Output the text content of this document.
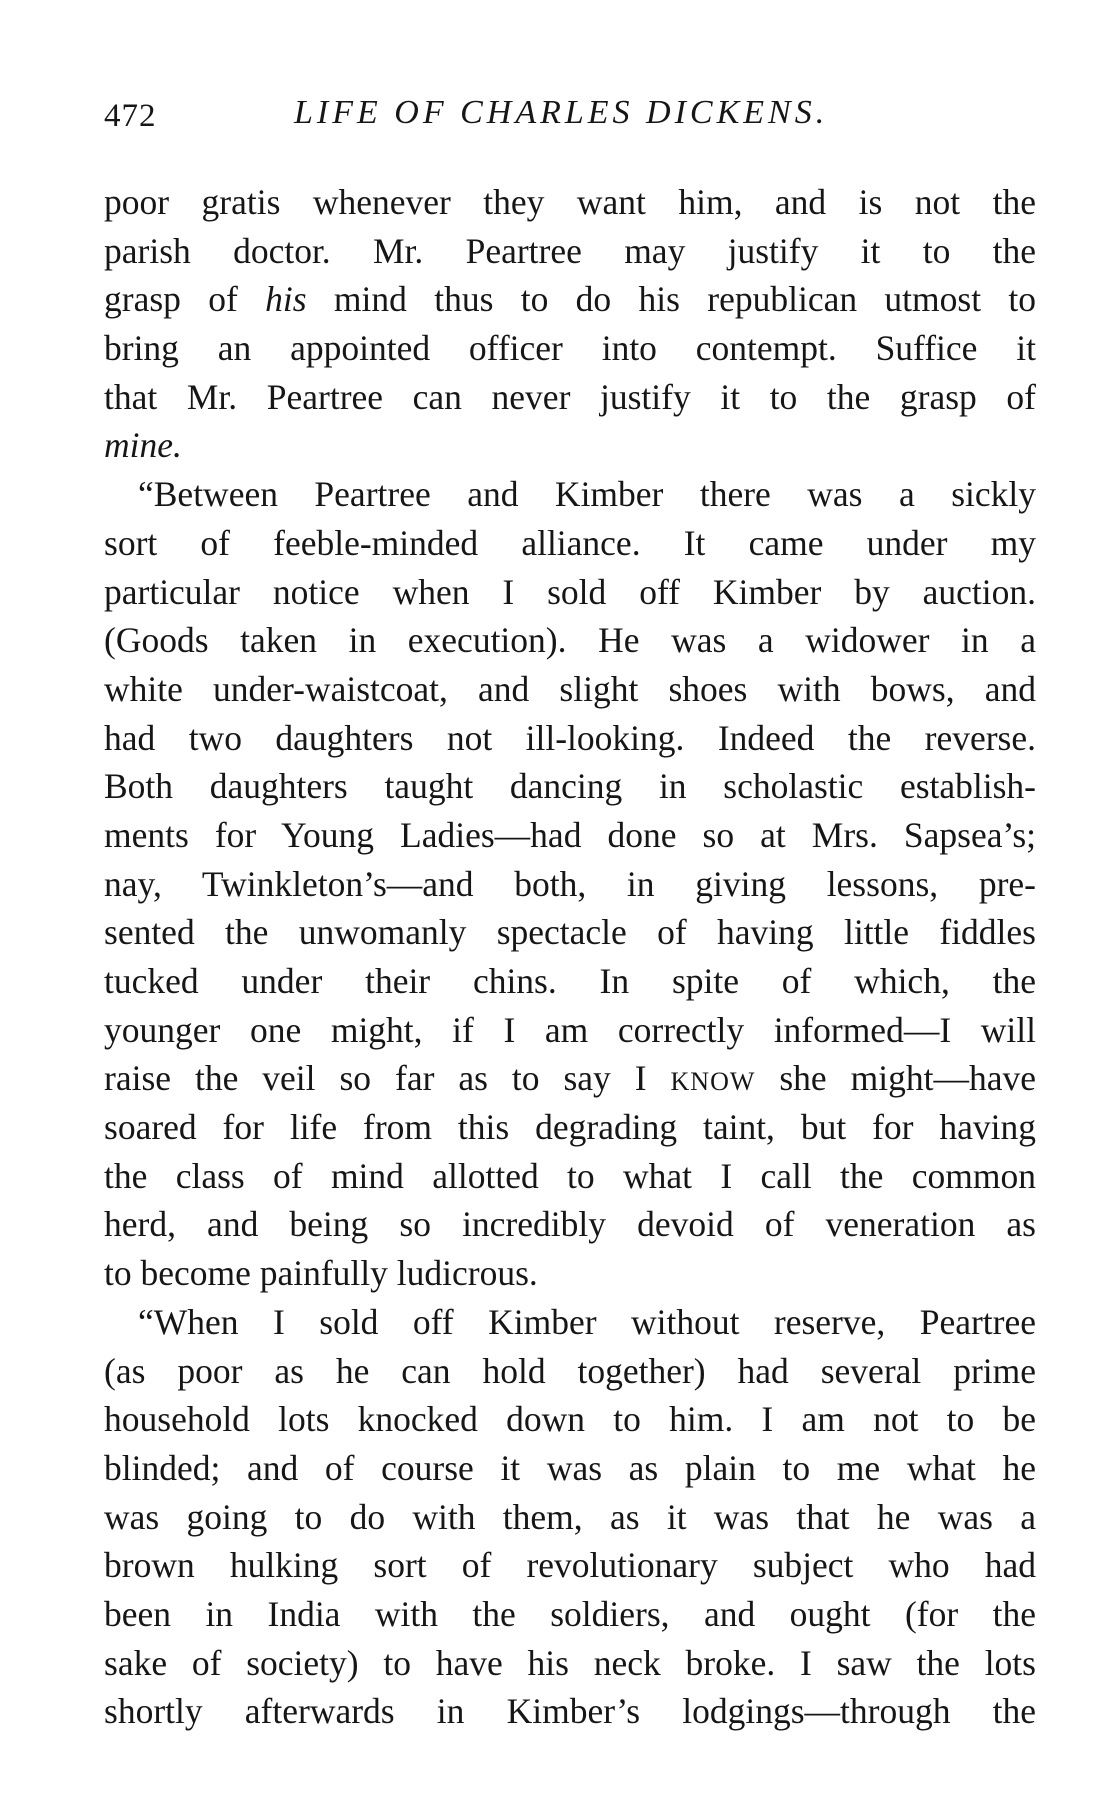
472	LIFE OF CHARLES DICKENS.
poor gratis whenever they want him, and is not the
parish doctor. Mr. Peartree may justify it to the
grasp of his mind thus to do his republican utmost to
bring an appointed officer into contempt. Suffice it
that Mr. Peartree can never justify it to the grasp of
mine.
“Between Peartree and Kimber there was a sickly
sort of feeble-minded alliance. It came under my
particular notice when I sold off Kimber by auction.
(Goods taken in execution). He was a widower in a
white under-waistcoat, and slight shoes with bows, and
had two daughters not ill-looking. Indeed the reverse.
Both daughters taught dancing in scholastic establish-
ments for Young Ladies—had done so at Mrs. Sapsea’s;
nay, Twinkleton’s—and both, in giving lessons, pre-
sented the unwomanly spectacle of having little fiddles
tucked under their chins. In spite of which, the
younger one might, if I am correctly informed—I will
raise the veil so far as to say I KNOW she might—have
soared for life from this degrading taint, but for having
the class of mind allotted to what I call the common
herd, and being so incredibly devoid of veneration as
to become painfully ludicrous.
“When I sold off Kimber without reserve, Peartree
(as poor as he can hold together) had several prime
household lots knocked down to him. I am not to be
blinded; and of course it was as plain to me what he
was going to do with them, as it was that he was a
brown hulking sort of revolutionary subject who had
been in India with the soldiers, and ought (for the
sake of society) to have his neck broke. I saw the lots
shortly afterwards in Kimber’s lodgings—through the
